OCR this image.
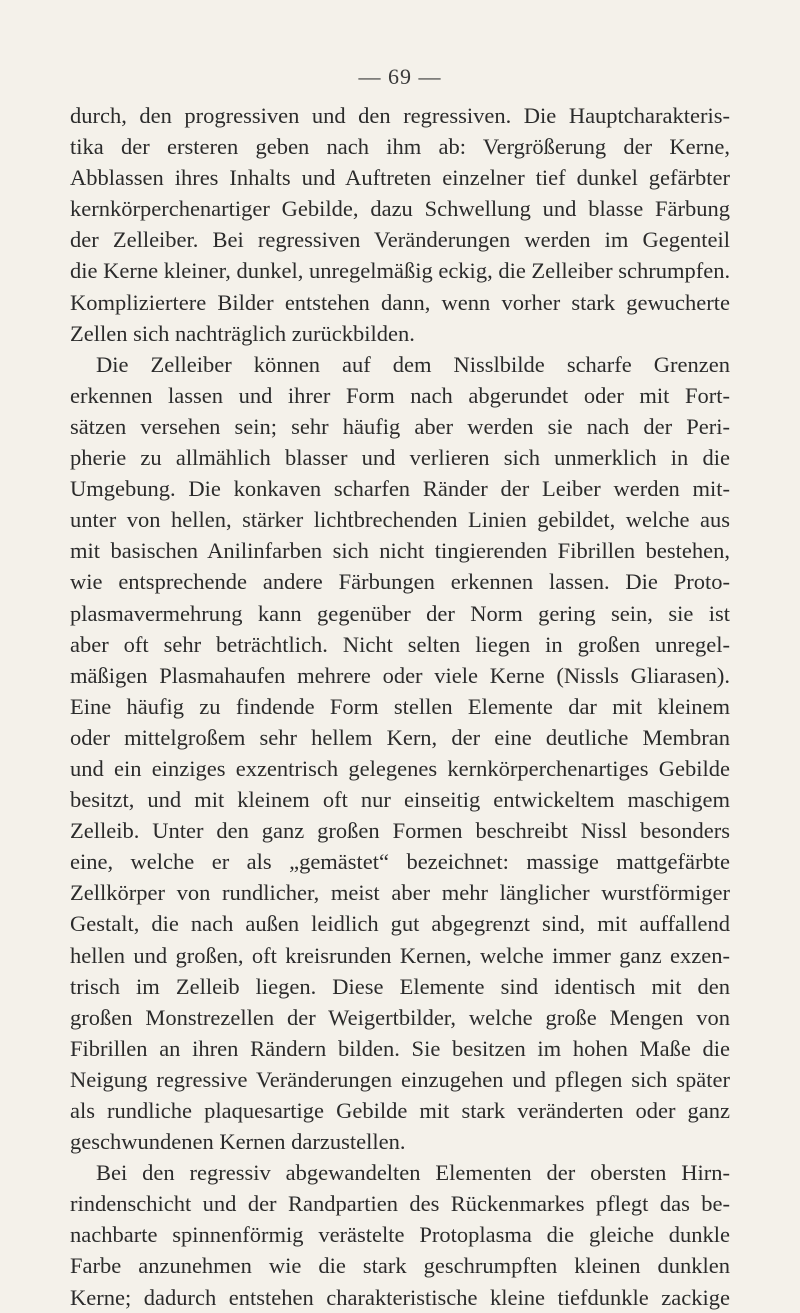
— 69 —
durch, den progressiven und den regressiven. Die Hauptcharakteris-
tika der ersteren geben nach ihm ab: Vergrößerung der Kerne,
Abblassen ihres Inhalts und Auftreten einzelner tief dunkel gefärbter
kernkörperchenartiger Gebilde, dazu Schwellung und blasse Färbung
der Zelleiber. Bei regressiven Veränderungen werden im Gegenteil
die Kerne kleiner, dunkel, unregelmäßig eckig, die Zelleiber schrumpfen.
Kompliziertere Bilder entstehen dann, wenn vorher stark gewucherte
Zellen sich nachträglich zurückbilden.
Die Zelleiber können auf dem Nisslbilde scharfe Grenzen
erkennen lassen und ihrer Form nach abgerundet oder mit Fort-
sätzen versehen sein; sehr häufig aber werden sie nach der Peri-
pherie zu allmählich blasser und verlieren sich unmerklich in die
Umgebung. Die konkaven scharfen Ränder der Leiber werden mit-
unter von hellen, stärker lichtbrechenden Linien gebildet, welche aus
mit basischen Anilinfarben sich nicht tingierenden Fibrillen bestehen,
wie entsprechende andere Färbungen erkennen lassen. Die Proto-
plasmavermehrung kann gegenüber der Norm gering sein, sie ist
aber oft sehr beträchtlich. Nicht selten liegen in großen unregel-
mäßigen Plasmahaufen mehrere oder viele Kerne (Nissls Gliarasen).
Eine häufig zu findende Form stellen Elemente dar mit kleinem
oder mittelgroßem sehr hellem Kern, der eine deutliche Membran
und ein einziges exzentrisch gelegenes kernkörperchenartiges Gebilde
besitzt, und mit kleinem oft nur einseitig entwickeltem maschigem
Zelleib. Unter den ganz großen Formen beschreibt Nissl besonders
eine, welche er als „gemästet“ bezeichnet: massige mattgefärbte
Zellkörper von rundlicher, meist aber mehr länglicher wurstförmiger
Gestalt, die nach außen leidlich gut abgegrenzt sind, mit auffallend
hellen und großen, oft kreisrunden Kernen, welche immer ganz exzen-
trisch im Zelleib liegen. Diese Elemente sind identisch mit den
großen Monstrezellen der Weigertbilder, welche große Mengen von
Fibrillen an ihren Rändern bilden. Sie besitzen im hohen Maße die
Neigung regressive Veränderungen einzugehen und pflegen sich später
als rundliche plaquesartige Gebilde mit stark veränderten oder ganz
geschwundenen Kernen darzustellen.
Bei den regressiv abgewandelten Elementen der obersten Hirn-
rindenschicht und der Randpartien des Rückenmarkes pflegt das be-
nachbarte spinnenförmig verästelte Protoplasma die gleiche dunkle
Farbe anzunehmen wie die stark geschrumpften kleinen dunklen
Kerne; dadurch entstehen charakteristische kleine tiefdunkle zackige
